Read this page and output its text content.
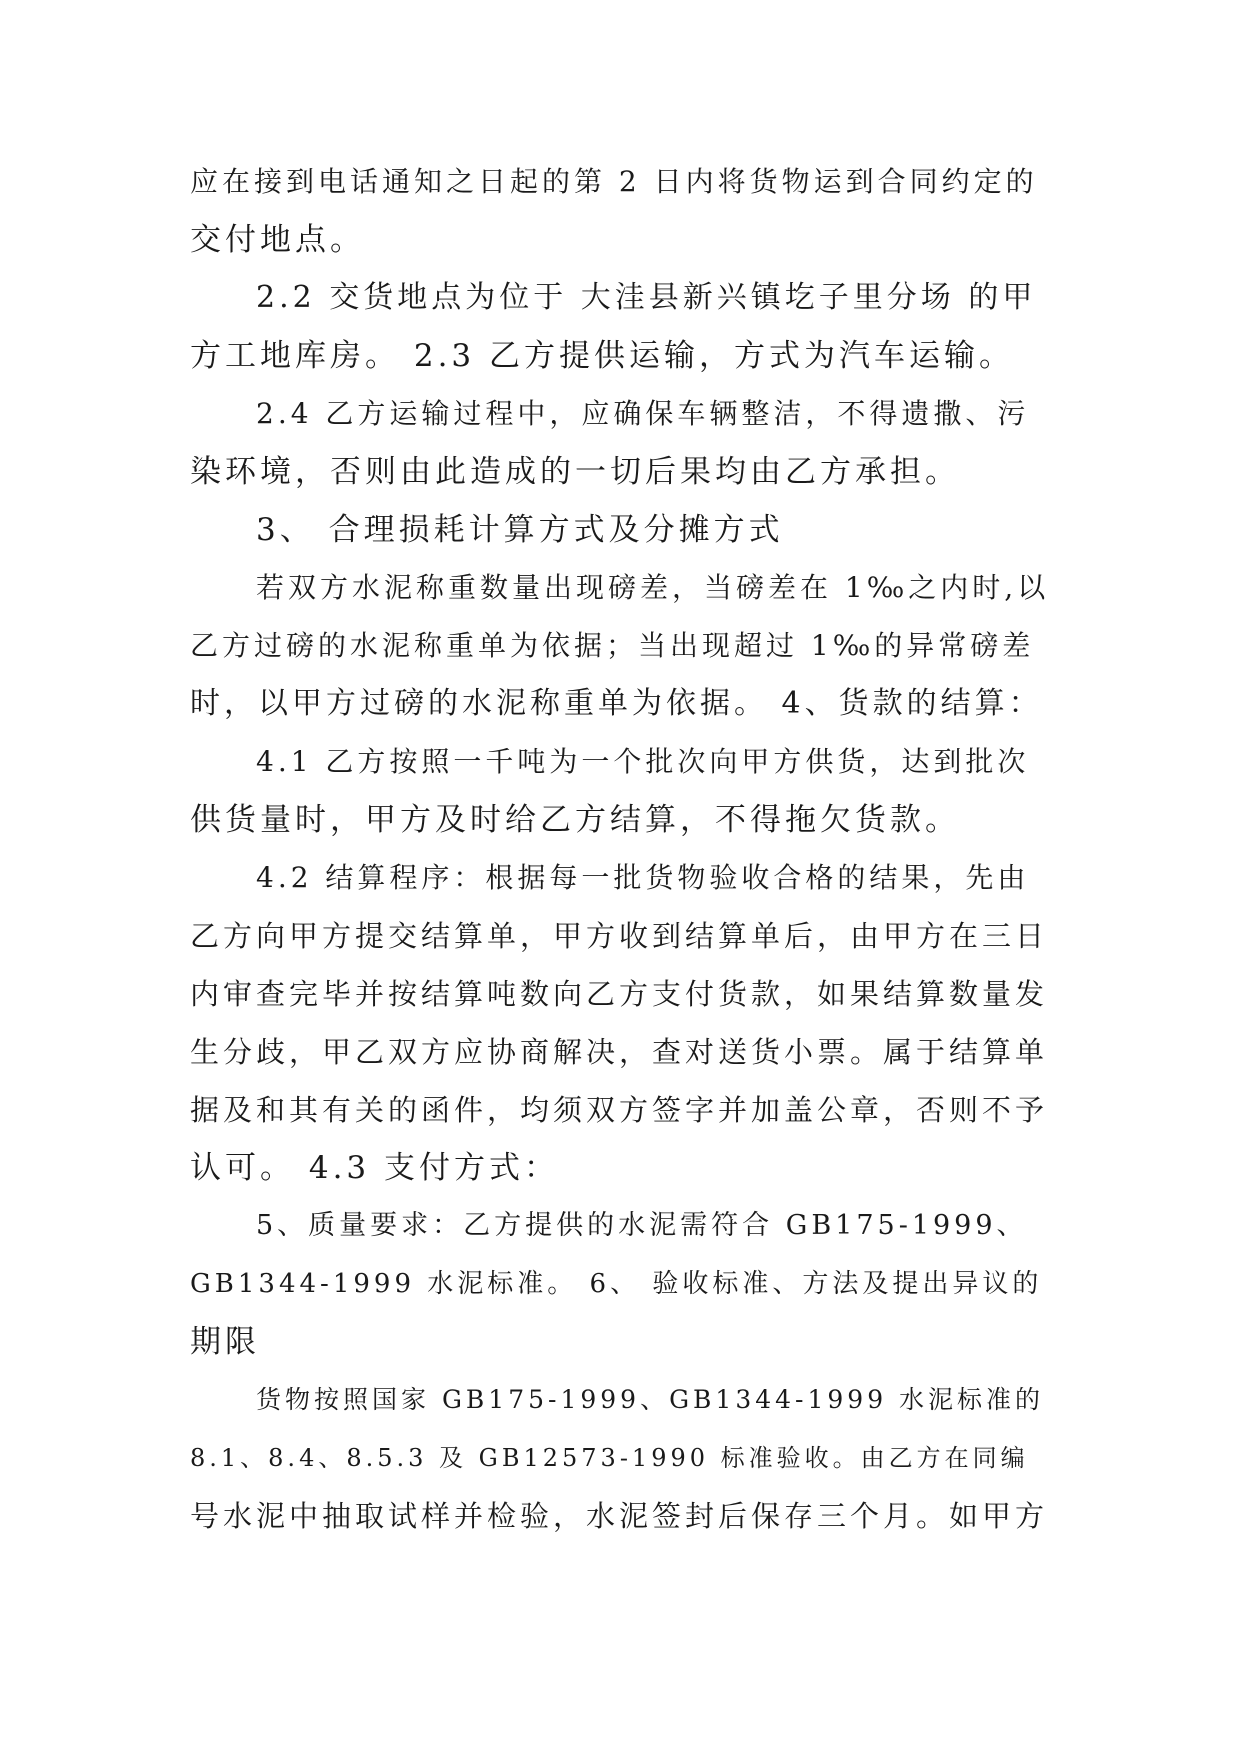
应在接到电话通知之日起的第 2 日内将货物运到合同约定的
交付地点。
2.2 交货地点为位于 大洼县新兴镇圪子里分场 的甲
方工地库房。 2.3 乙方提供运输，方式为汽车运输。
2.4 乙方运输过程中，应确保车辆整洁，不得遗撒、污
染环境，否则由此造成的一切后果均由乙方承担。
3、 合理损耗计算方式及分摊方式
若双方水泥称重数量出现磅差，当磅差在 1‰之内时,以
乙方过磅的水泥称重单为依据；当出现超过 1‰的异常磅差
时，以甲方过磅的水泥称重单为依据。 4、货款的结算：
4.1 乙方按照一千吨为一个批次向甲方供货，达到批次
供货量时，甲方及时给乙方结算，不得拖欠货款。
4.2 结算程序：根据每一批货物验收合格的结果，先由
乙方向甲方提交结算单，甲方收到结算单后，由甲方在三日
内审查完毕并按结算吨数向乙方支付货款，如果结算数量发
生分歧，甲乙双方应协商解决，查对送货小票。属于结算单
据及和其有关的函件，均须双方签字并加盖公章，否则不予
认可。 4.3 支付方式：
5、质量要求：乙方提供的水泥需符合 GB175-1999、
GB1344-1999 水泥标准。 6、 验收标准、方法及提出异议的
期限
货物按照国家 GB175-1999、GB1344-1999 水泥标准的
8.1、8.4、8.5.3 及 GB12573-1990 标准验收。由乙方在同编
号水泥中抽取试样并检验，水泥签封后保存三个月。如甲方
